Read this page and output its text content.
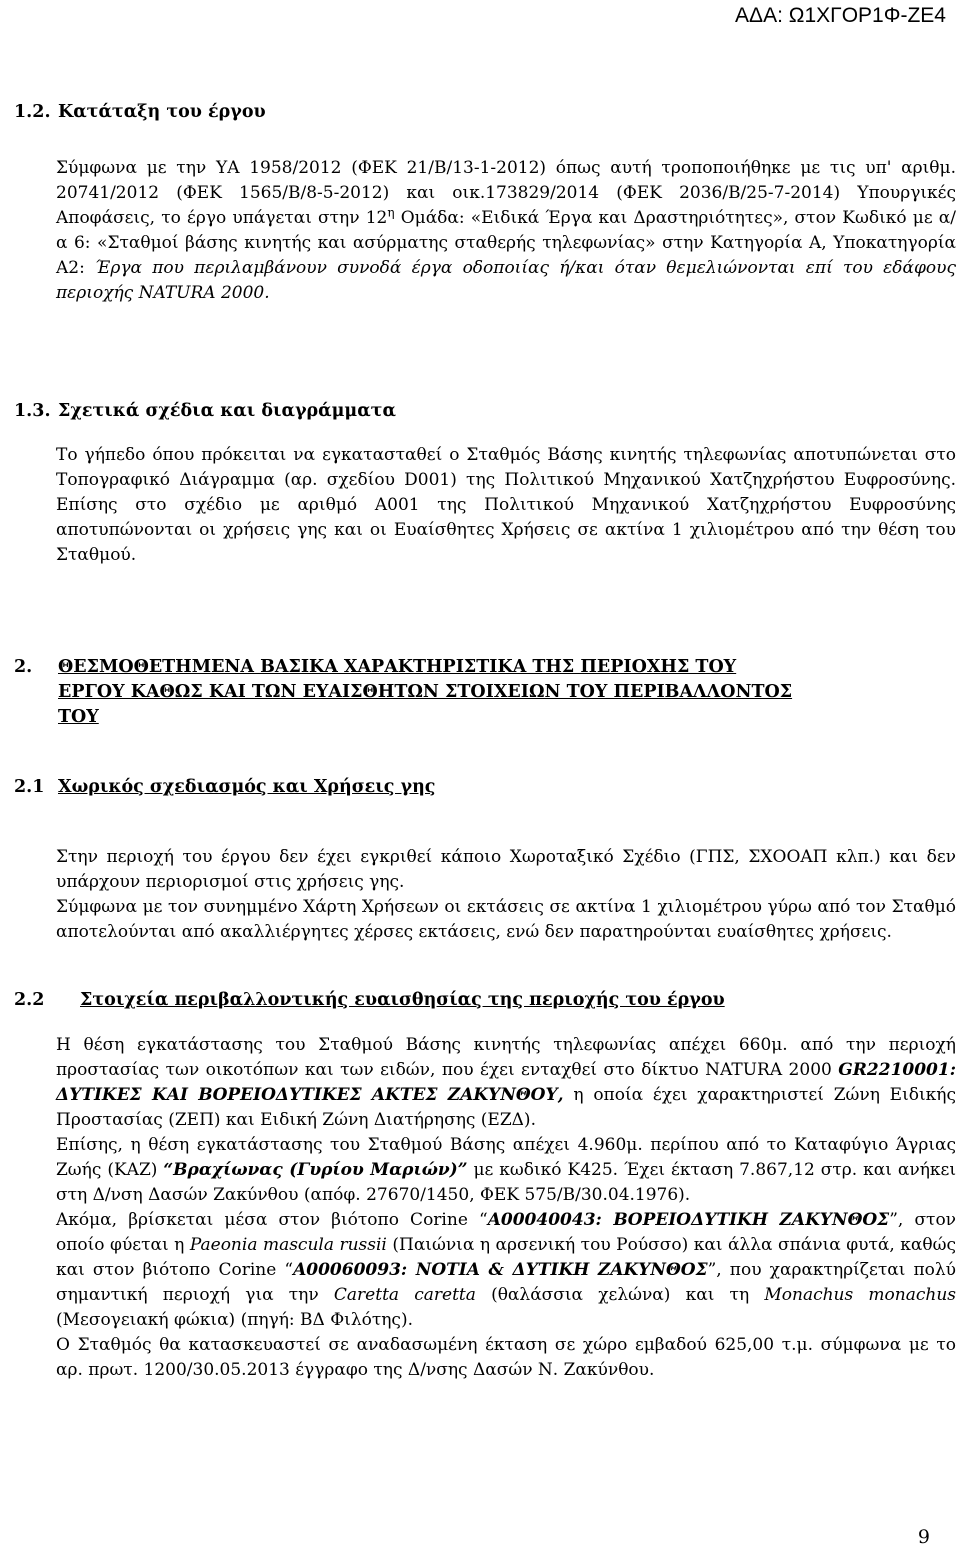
ΑΔΑ: Ω1ΧΓΟΡ1Φ-ΖΕ4
1.2. Κατάταξη του έργου

Σύμφωνα με την ΥΑ 1958/2012 (ΦΕΚ 21/Β/13-1-2012) όπως αυτή τροποποιήθηκε με τις υπ' αριθμ. 20741/2012 (ΦΕΚ 1565/Β/8-5-2012) και οικ.173829/2014 (ΦΕΚ 2036/Β/25-7-2014) Υπουργικές Αποφάσεις, το έργο υπάγεται στην $12^\eta$ Ομάδα: «Ειδικά Έργα και Δραστηριότητες», στον Κωδικό με α/α 6: «Σταθμοί βάσης κινητής και ασύρματης σταθερής τηλεφωνίας» στην Κατηγορία Α, Υποκατηγορία Α2: Έργα που περιλαμβάνουν συνοδά έργα οδοποιίας ή/και όταν θεμελιώνονται επί του εδάφους περιοχής NATURA 2000.

1.3. Σχετικά σχέδια και διαγράμματα

Το γήπεδο όπου πρόκειται να εγκατασταθεί ο Σταθμός Βάσης κινητής τηλεφωνίας αποτυπώνεται στο Τοπογραφικό Διάγραμμα (αρ. σχεδίου D001) της Πολιτικού Μηχανικού Χατζηχρήστου Ευφροσύνης. Επίσης στο σχέδιο με αριθμό Α001 της Πολιτικού Μηχανικού Χατζηχρήστου Ευφροσύνης αποτυπώνονται οι χρήσεις γης και οι Ευαίσθητες Χρήσεις σε ακτίνα 1 χιλιομέτρου από την θέση του Σταθμού.

2. ΘΕΣΜΟΘΕΤΗΜΕΝΑ ΒΑΣΙΚΑ ΧΑΡΑΚΤΗΡΙΣΤΙΚΑ ΤΗΣ ΠΕΡΙΟΧΗΣ ΤΟΥ
ΕΡΓΟΥ ΚΑΘΩΣ ΚΑΙ ΤΩΝ ΕΥΑΙΣΘΗΤΩΝ ΣΤΟΙΧΕΙΩΝ ΤΟΥ ΠΕΡΙΒΑΛΛΟΝΤΟΣ
ΤΟΥ
2.1 Χωρικός σχεδιασμός και Χρήσεις γης

Στην περιοχή του έργου δεν έχει εγκριθεί κάποιο Χωροταξικό Σχέδιο (ΓΠΣ, ΣΧΟΟΑΠ κλπ.) και δεν υπάρχουν περιορισμοί στις χρήσεις γης.

Σύμφωνα με τον συνημμένο Χάρτη Χρήσεων οι εκτάσεις σε ακτίνα 1 χιλιομέτρου γύρω από τον Σταθμό αποτελούνται από ακαλλιέργητες χέρσες εκτάσεις, ενώ δεν παρατηρούνται ευαίσθητες χρήσεις.

2.2 Στοιχεία περιβαλλοντικής ευαισθησίας της περιοχής του έργου

Η θέση εγκατάστασης του Σταθμού Βάσης κινητής τηλεφωνίας απέχει 660μ. από την περιοχή προστασίας των οικοτόπων και των ειδών, που έχει ενταχθεί στο δίκτυο NATURA 2000 GR2210001: ΔΥΤΙΚΕΣ ΚΑΙ ΒΟΡΕΙΟΔΥΤΙΚΕΣ ΑΚΤΕΣ ΖΑΚΥΝΘΟΥ, η οποία έχει χαρακτηριστεί Ζώνη Ειδικής Προστασίας (ΖΕΠ) και Ειδική Ζώνη Διατήρησης (ΕΖΔ).

Επίσης, η θέση εγκατάστασης του Σταθμού Βάσης απέχει 4.960μ. περίπου από το Καταφύγιο Άγριας Ζωής (ΚΑΖ) “Βραχίωνας (Γυρίου Μαριών)” με κωδικό Κ425. Έχει έκταση 7.867,12 στρ. και ανήκει στη Δ/νση Δασών Ζακύνθου (απόφ. 27670/1450, ΦΕΚ 575/Β/30.04.1976).

Ακόμα, βρίσκεται μέσα στον βιότοπο Corine “Α00040043: ΒΟΡΕΙΟΔΥΤΙΚΗ ΖΑΚΥΝΘΟΣ”, στον οποίο φύεται η Paeonia mascula russii (Παιώνια η αρσενική του Ρούσσο) και άλλα σπάνια φυτά, καθώς και στον βιότοπο Corine “Α00060093: ΝΟΤΙΑ & ΔΥΤΙΚΗ ΖΑΚΥΝΘΟΣ”, που χαρακτηρίζεται πολύ σημαντική περιοχή για την Caretta caretta (θαλάσσια χελώνα) και τη Monachus monachus (Μεσογειακή φώκια) (πηγή: ΒΔ Φιλότης).

Ο Σταθμός θα κατασκευαστεί σε αναδασωμένη έκταση σε χώρο εμβαδού 625,00 τ.μ. σύμφωνα με το αρ. πρωτ. 1200/30.05.2013 έγγραφο της Δ/νσης Δασών Ν. Ζακύνθου.

9
